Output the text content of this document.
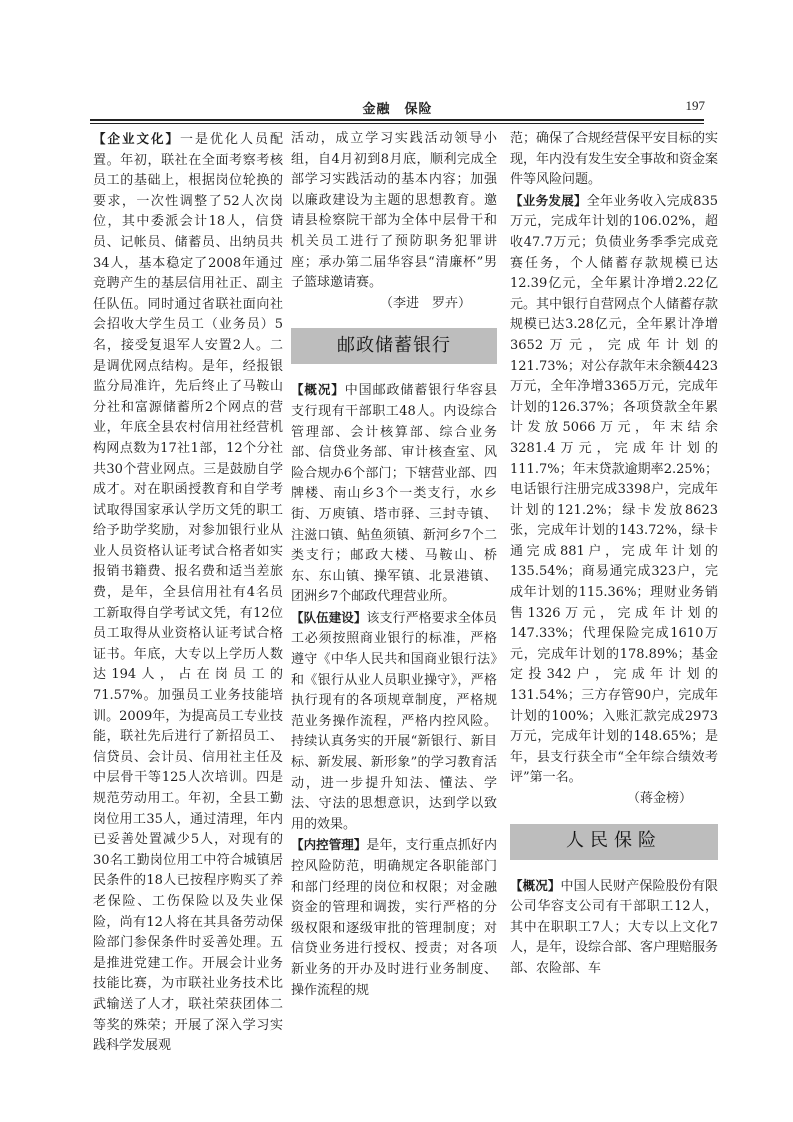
金融　保险	197

【企业文化】一是优化人员配置。年初，联社在全面考察考核员工的基础上，根据岗位轮换的要求，一次性调整了52人次岗位，其中委派会计18人，信贷员、记帐员、储蓄员、出纳员共34人，基本稳定了2008年通过竞聘产生的基层信用社正、副主任队伍。同时通过省联社面向社会招收大学生员工（业务员）5名，接受复退军人安置2人。二是调优网点结构。是年，经报银监分局准许，先后终止了马鞍山分社和富源储蓄所2个网点的营业，年底全县农村信用社经营机构网点数为17社1部，12个分社共30个营业网点。三是鼓励自学成才。对在职函授教育和自学考试取得国家承认学历文凭的职工给予助学奖励，对参加银行业从业人员资格认证考试合格者如实报销书籍费、报名费和适当差旅费，是年，全县信用社有4名员工新取得自学考试文凭，有12位员工取得从业资格认证考试合格证书。年底，大专以上学历人数达194人，占在岗员工的71.57%。加强员工业务技能培训。2009年，为提高员工专业技能，联社先后进行了新招员工、信贷员、会计员、信用社主任及中层骨干等125人次培训。四是规范劳动用工。年初，全县工勤岗位用工35人，通过清理，年内已妥善处置减少5人，对现有的30名工勤岗位用工中符合城镇居民条件的18人已按程序购买了养老保险、工伤保险以及失业保险，尚有12人将在其具备劳动保险部门参保条件时妥善处理。五是推进党建工作。开展会计业务技能比赛，为市联社业务技术比武输送了人才，联社荣获团体二等奖的殊荣；开展了深入学习实践科学发展观

活动，成立学习实践活动领导小组，自4月初到8月底，顺利完成全部学习实践活动的基本内容；加强以廉政建设为主题的思想教育。邀请县检察院干部为全体中层骨干和机关员工进行了预防职务犯罪讲座；承办第二届华容县“清廉杯”男子篮球邀请赛。

（李进　罗卉）

邮政储蓄银行

【概况】中国邮政储蓄银行华容县支行现有干部职工48人。内设综合管理部、会计核算部、综合业务部、信贷业务部、审计核查室、风险合规办6个部门；下辖营业部、四牌楼、南山乡3个一类支行，水乡街、万庾镇、塔市驿、三封寺镇、注滋口镇、鲇鱼须镇、新河乡7个二类支行；邮政大楼、马鞍山、桥东、东山镇、操军镇、北景港镇、团洲乡7个邮政代理营业所。

【队伍建设】该支行严格要求全体员工必须按照商业银行的标准，严格遵守《中华人民共和国商业银行法》和《银行从业人员职业操守》，严格执行现有的各项规章制度，严格规范业务操作流程，严格内控风险。持续认真务实的开展“新银行、新目标、新发展、新形象”的学习教育活动，进一步提升知法、懂法、学法、守法的思想意识，达到学以致用的效果。

【内控管理】是年，支行重点抓好内控风险防范，明确规定各职能部门和部门经理的岗位和权限；对金融资金的管理和调拨，实行严格的分级权限和逐级审批的管理制度；对信贷业务进行授权、授责；对各项新业务的开办及时进行业务制度、操作流程的规

范；确保了合规经营保平安目标的实现，年内没有发生安全事故和资金案件等风险问题。

【业务发展】全年业务收入完成835万元，完成年计划的106.02%，超收47.7万元；负债业务季季完成竞赛任务，个人储蓄存款规模已达12.39亿元，全年累计净增2.22亿元。其中银行自营网点个人储蓄存款规模已达3.28亿元，全年累计净增3652万元，完成年计划的121.73%；对公存款年末余额4423万元，全年净增3365万元，完成年计划的126.37%；各项贷款全年累计发放5066万元，年末结余3281.4万元，完成年计划的111.7%；年末贷款逾期率2.25%；电话银行注册完成3398户，完成年计划的121.2%；绿卡发放8623张，完成年计划的143.72%，绿卡通完成881户，完成年计划的135.54%；商易通完成323户，完成年计划的115.36%；理财业务销售1326万元，完成年计划的147.33%；代理保险完成1610万元，完成年计划的178.89%；基金定投342户，完成年计划的131.54%；三方存管90户，完成年计划的100%；入账汇款完成2973万元，完成年计划的148.65%；是年，县支行获全市“全年综合绩效考评”第一名。

（蒋金榜）

人民保险

【概况】中国人民财产保险股份有限公司华容支公司有干部职工12人，其中在职职工7人；大专以上文化7人，是年，设综合部、客户理赔服务部、农险部、车
